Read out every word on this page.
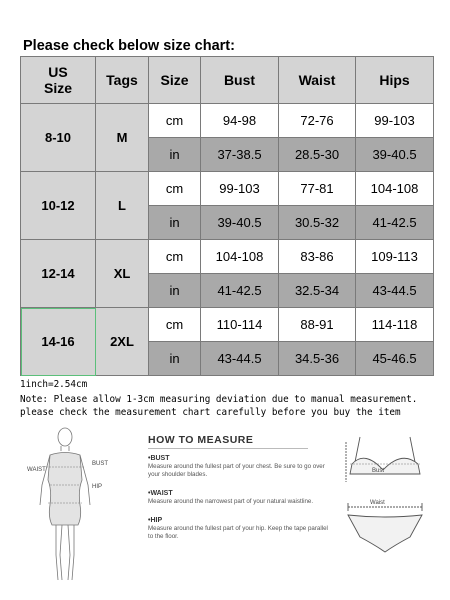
Please check below size chart:
US Size	Tags	Size	Bust	Waist	Hips
8-10	M	cm	94-98	72-76	99-103
		in	37-38.5	28.5-30	39-40.5
10-12	L	cm	99-103	77-81	104-108
		in	39-40.5	30.5-32	41-42.5
12-14	XL	cm	104-108	83-86	109-113
		in	41-42.5	32.5-34	43-44.5
14-16	2XL	cm	110-114	88-91	114-118
		in	43-44.5	34.5-36	45-46.5
1inch=2.54cm
Note: Please allow 1-3cm measuring deviation due to manual measurement.
please check the measurement chart carefully before you buy the item
BUST
WAIST
HIP
HOW TO MEASURE
•BUST
Measure around the fullest part of your chest. Be sure to go over your shoulder blades.
•WAIST
Measure around the narrowest part of your natural waistline.
•HIP
Measure around the fullest part of your hip. Keep the tape parallel to the floor.
Bust
Waist
